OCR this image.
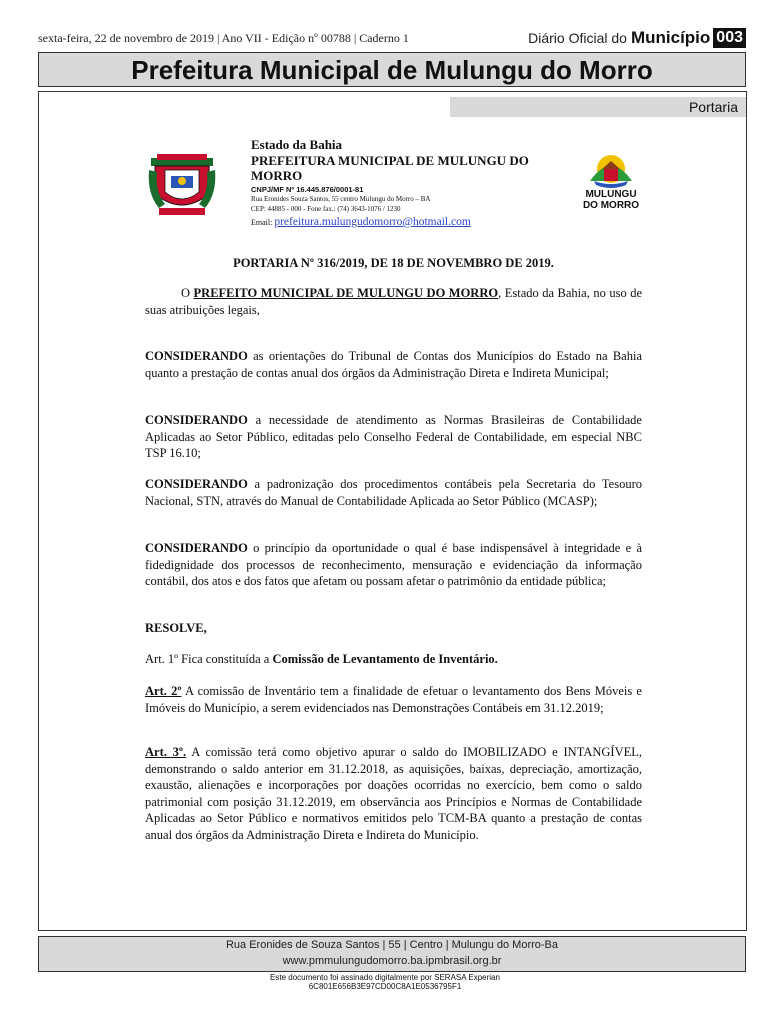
sexta-feira, 22 de novembro de 2019 | Ano VII - Edição nº 00788 | Caderno 1	Diário Oficial do Município 003
Prefeitura Municipal de Mulungu do Morro
Portaria
Estado da Bahia
PREFEITURA MUNICIPAL DE MULUNGU DO MORRO
CNPJ/MF Nº 16.445.876/0001-81
Rua Eronides Souza Santos, 55 centro Mulungu do Morro – BA
CEP: 44885 - 000 - Fone fax.: (74) 3643-1076 / 1230
Email: prefeitura.mulungudomorro@hotmail.com
MULUNGU
DO MORRO

PORTARIA Nº 316/2019, DE 18 DE NOVEMBRO DE 2019.

O PREFEITO MUNICIPAL DE MULUNGU DO MORRO, Estado da Bahia, no uso de suas atribuições legais,

CONSIDERANDO as orientações do Tribunal de Contas dos Municípios do Estado na Bahia quanto a prestação de contas anual dos órgãos da Administração Direta e Indireta Municipal;

CONSIDERANDO a necessidade de atendimento as Normas Brasileiras de Contabilidade Aplicadas ao Setor Público, editadas pelo Conselho Federal de Contabilidade, em especial NBC TSP 16.10;

CONSIDERANDO a padronização dos procedimentos contábeis pela Secretaria do Tesouro Nacional, STN, através do Manual de Contabilidade Aplicada ao Setor Público (MCASP);

CONSIDERANDO o princípio da oportunidade o qual é base indispensável à integridade e à fidedignidade dos processos de reconhecimento, mensuração e evidenciação da informação contábil, dos atos e dos fatos que afetam ou possam afetar o patrimônio da entidade pública;

RESOLVE,

Art. 1º Fica constituída a Comissão de Levantamento de Inventário.

Art. 2º A comissão de Inventário tem a finalidade de efetuar o levantamento dos Bens Móveis e Imóveis do Município, a serem evidenciados nas Demonstrações Contábeis em 31.12.2019;

Art. 3º. A comissão terá como objetivo apurar o saldo do IMOBILIZADO e INTANGÍVEL, demonstrando o saldo anterior em 31.12.2018, as aquisições, baixas, depreciação, amortização, exaustão, alienações e incorporações por doações ocorridas no exercício, bem como o saldo patrimonial com posição 31.12.2019, em observância aos Princípios e Normas de Contabilidade Aplicadas ao Setor Público e normativos emitidos pelo TCM-BA quanto a prestação de contas anual dos órgãos da Administração Direta e Indireta do Município.

Rua Eronides de Souza Santos | 55 | Centro | Mulungu do Morro-Ba
www.pmmulungudomorro.ba.ipmbrasil.org.br
Este documento foi assinado digitalmente por SERASA Experian
6C801E656B3E97CD00C8A1E0536795F1
